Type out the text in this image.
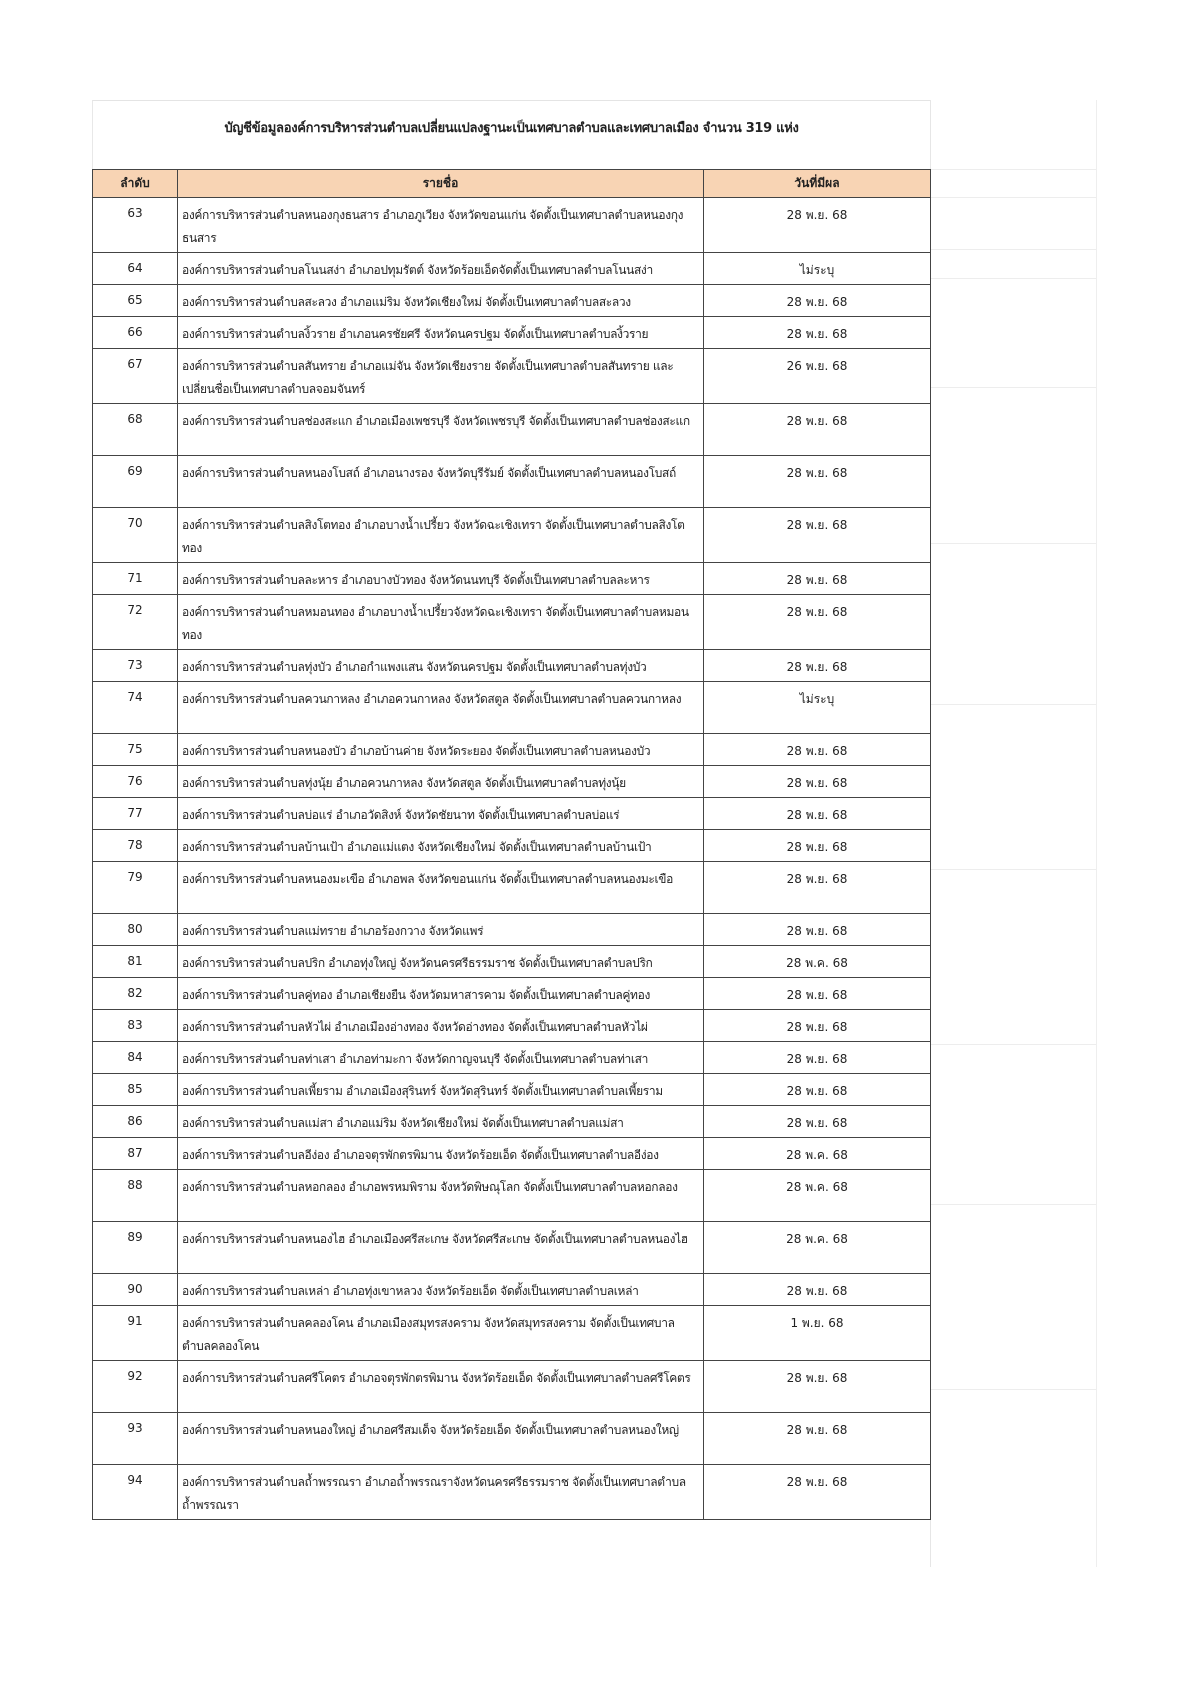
บัญชีข้อมูลองค์การบริหารส่วนตำบลเปลี่ยนแปลงฐานะเป็นเทศบาลตำบลและเทศบาลเมือง จำนวน 319 แห่ง
ลำดับ	รายชื่อ	วันที่มีผล
63	องค์การบริหารส่วนตำบลหนองกุงธนสาร อำเภอภูเวียง จังหวัดขอนแก่น จัดตั้งเป็นเทศบาลตำบลหนองกุงธนสาร	28 พ.ย. 68
64	องค์การบริหารส่วนตำบลโนนสง่า อำเภอปทุมรัตต์ จังหวัดร้อยเอ็ดจัดตั้งเป็นเทศบาลตำบลโนนสง่า	ไม่ระบุ
65	องค์การบริหารส่วนตำบลสะลวง อำเภอแม่ริม จังหวัดเชียงใหม่ จัดตั้งเป็นเทศบาลตำบลสะลวง	28 พ.ย. 68
66	องค์การบริหารส่วนตำบลงิ้วราย อำเภอนครชัยศรี จังหวัดนครปฐม จัดตั้งเป็นเทศบาลตำบลงิ้วราย	28 พ.ย. 68
67	องค์การบริหารส่วนตำบลสันทราย อำเภอแม่จัน จังหวัดเชียงราย จัดตั้งเป็นเทศบาลตำบลสันทราย และเปลี่ยนชื่อเป็นเทศบาลตำบลจอมจันทร์	26 พ.ย. 68
68	องค์การบริหารส่วนตำบลช่องสะแก อำเภอเมืองเพชรบุรี จังหวัดเพชรบุรี จัดตั้งเป็นเทศบาลตำบลช่องสะแก	28 พ.ย. 68
69	องค์การบริหารส่วนตำบลหนองโบสถ์ อำเภอนางรอง จังหวัดบุรีรัมย์ จัดตั้งเป็นเทศบาลตำบลหนองโบสถ์	28 พ.ย. 68
70	องค์การบริหารส่วนตำบลสิงโตทอง อำเภอบางน้ำเปรี้ยว จังหวัดฉะเชิงเทรา จัดตั้งเป็นเทศบาลตำบลสิงโตทอง	28 พ.ย. 68
71	องค์การบริหารส่วนตำบลละหาร อำเภอบางบัวทอง จังหวัดนนทบุรี จัดตั้งเป็นเทศบาลตำบลละหาร	28 พ.ย. 68
72	องค์การบริหารส่วนตำบลหมอนทอง อำเภอบางน้ำเปรี้ยวจังหวัดฉะเชิงเทรา จัดตั้งเป็นเทศบาลตำบลหมอนทอง	28 พ.ย. 68
73	องค์การบริหารส่วนตำบลทุ่งบัว อำเภอกำแพงแสน จังหวัดนครปฐม จัดตั้งเป็นเทศบาลตำบลทุ่งบัว	28 พ.ย. 68
74	องค์การบริหารส่วนตำบลควนกาหลง อำเภอควนกาหลง จังหวัดสตูล จัดตั้งเป็นเทศบาลตำบลควนกาหลง	ไม่ระบุ
75	องค์การบริหารส่วนตำบลหนองบัว อำเภอบ้านค่าย จังหวัดระยอง จัดตั้งเป็นเทศบาลตำบลหนองบัว	28 พ.ย. 68
76	องค์การบริหารส่วนตำบลทุ่งนุ้ย อำเภอควนกาหลง จังหวัดสตูล จัดตั้งเป็นเทศบาลตำบลทุ่งนุ้ย	28 พ.ย. 68
77	องค์การบริหารส่วนตำบลบ่อแร่ อำเภอวัดสิงห์ จังหวัดชัยนาท จัดตั้งเป็นเทศบาลตำบลบ่อแร่	28 พ.ย. 68
78	องค์การบริหารส่วนตำบลบ้านเป้า อำเภอแม่แตง จังหวัดเชียงใหม่ จัดตั้งเป็นเทศบาลตำบลบ้านเป้า	28 พ.ย. 68
79	องค์การบริหารส่วนตำบลหนองมะเขือ อำเภอพล จังหวัดขอนแก่น จัดตั้งเป็นเทศบาลตำบลหนองมะเขือ	28 พ.ย. 68
80	องค์การบริหารส่วนตำบลแม่ทราย อำเภอร้องกวาง จังหวัดแพร่	28 พ.ย. 68
81	องค์การบริหารส่วนตำบลปริก อำเภอทุ่งใหญ่ จังหวัดนครศรีธรรมราช จัดตั้งเป็นเทศบาลตำบลปริก	28 พ.ค. 68
82	องค์การบริหารส่วนตำบลคู่ทอง อำเภอเชียงยืน จังหวัดมหาสารคาม จัดตั้งเป็นเทศบาลตำบลคู่ทอง	28 พ.ย. 68
83	องค์การบริหารส่วนตำบลหัวไผ่ อำเภอเมืองอ่างทอง จังหวัดอ่างทอง จัดตั้งเป็นเทศบาลตำบลหัวไผ่	28 พ.ย. 68
84	องค์การบริหารส่วนตำบลท่าเสา อำเภอท่ามะกา จังหวัดกาญจนบุรี จัดตั้งเป็นเทศบาลตำบลท่าเสา	28 พ.ย. 68
85	องค์การบริหารส่วนตำบลเพี้ยราม อำเภอเมืองสุรินทร์ จังหวัดสุรินทร์ จัดตั้งเป็นเทศบาลตำบลเพี้ยราม	28 พ.ย. 68
86	องค์การบริหารส่วนตำบลแม่สา อำเภอแม่ริม จังหวัดเชียงใหม่ จัดตั้งเป็นเทศบาลตำบลแม่สา	28 พ.ย. 68
87	องค์การบริหารส่วนตำบลอีง่อง อำเภอจตุรพักตรพิมาน จังหวัดร้อยเอ็ด จัดตั้งเป็นเทศบาลตำบลอีง่อง	28 พ.ค. 68
88	องค์การบริหารส่วนตำบลหอกลอง อำเภอพรหมพิราม จังหวัดพิษณุโลก จัดตั้งเป็นเทศบาลตำบลหอกลอง	28 พ.ค. 68
89	องค์การบริหารส่วนตำบลหนองไฮ อำเภอเมืองศรีสะเกษ จังหวัดศรีสะเกษ จัดตั้งเป็นเทศบาลตำบลหนองไฮ	28 พ.ค. 68
90	องค์การบริหารส่วนตำบลเหล่า อำเภอทุ่งเขาหลวง จังหวัดร้อยเอ็ด จัดตั้งเป็นเทศบาลตำบลเหล่า	28 พ.ย. 68
91	องค์การบริหารส่วนตำบลคลองโคน อำเภอเมืองสมุทรสงคราม จังหวัดสมุทรสงคราม จัดตั้งเป็นเทศบาลตำบลคลองโคน	1 พ.ย. 68
92	องค์การบริหารส่วนตำบลศรีโคตร อำเภอจตุรพักตรพิมาน จังหวัดร้อยเอ็ด จัดตั้งเป็นเทศบาลตำบลศรีโคตร	28 พ.ย. 68
93	องค์การบริหารส่วนตำบลหนองใหญ่ อำเภอศรีสมเด็จ จังหวัดร้อยเอ็ด จัดตั้งเป็นเทศบาลตำบลหนองใหญ่	28 พ.ย. 68
94	องค์การบริหารส่วนตำบลถ้ำพรรณรา อำเภอถ้ำพรรณราจังหวัดนครศรีธรรมราช จัดตั้งเป็นเทศบาลตำบลถ้ำพรรณรา	28 พ.ย. 68
